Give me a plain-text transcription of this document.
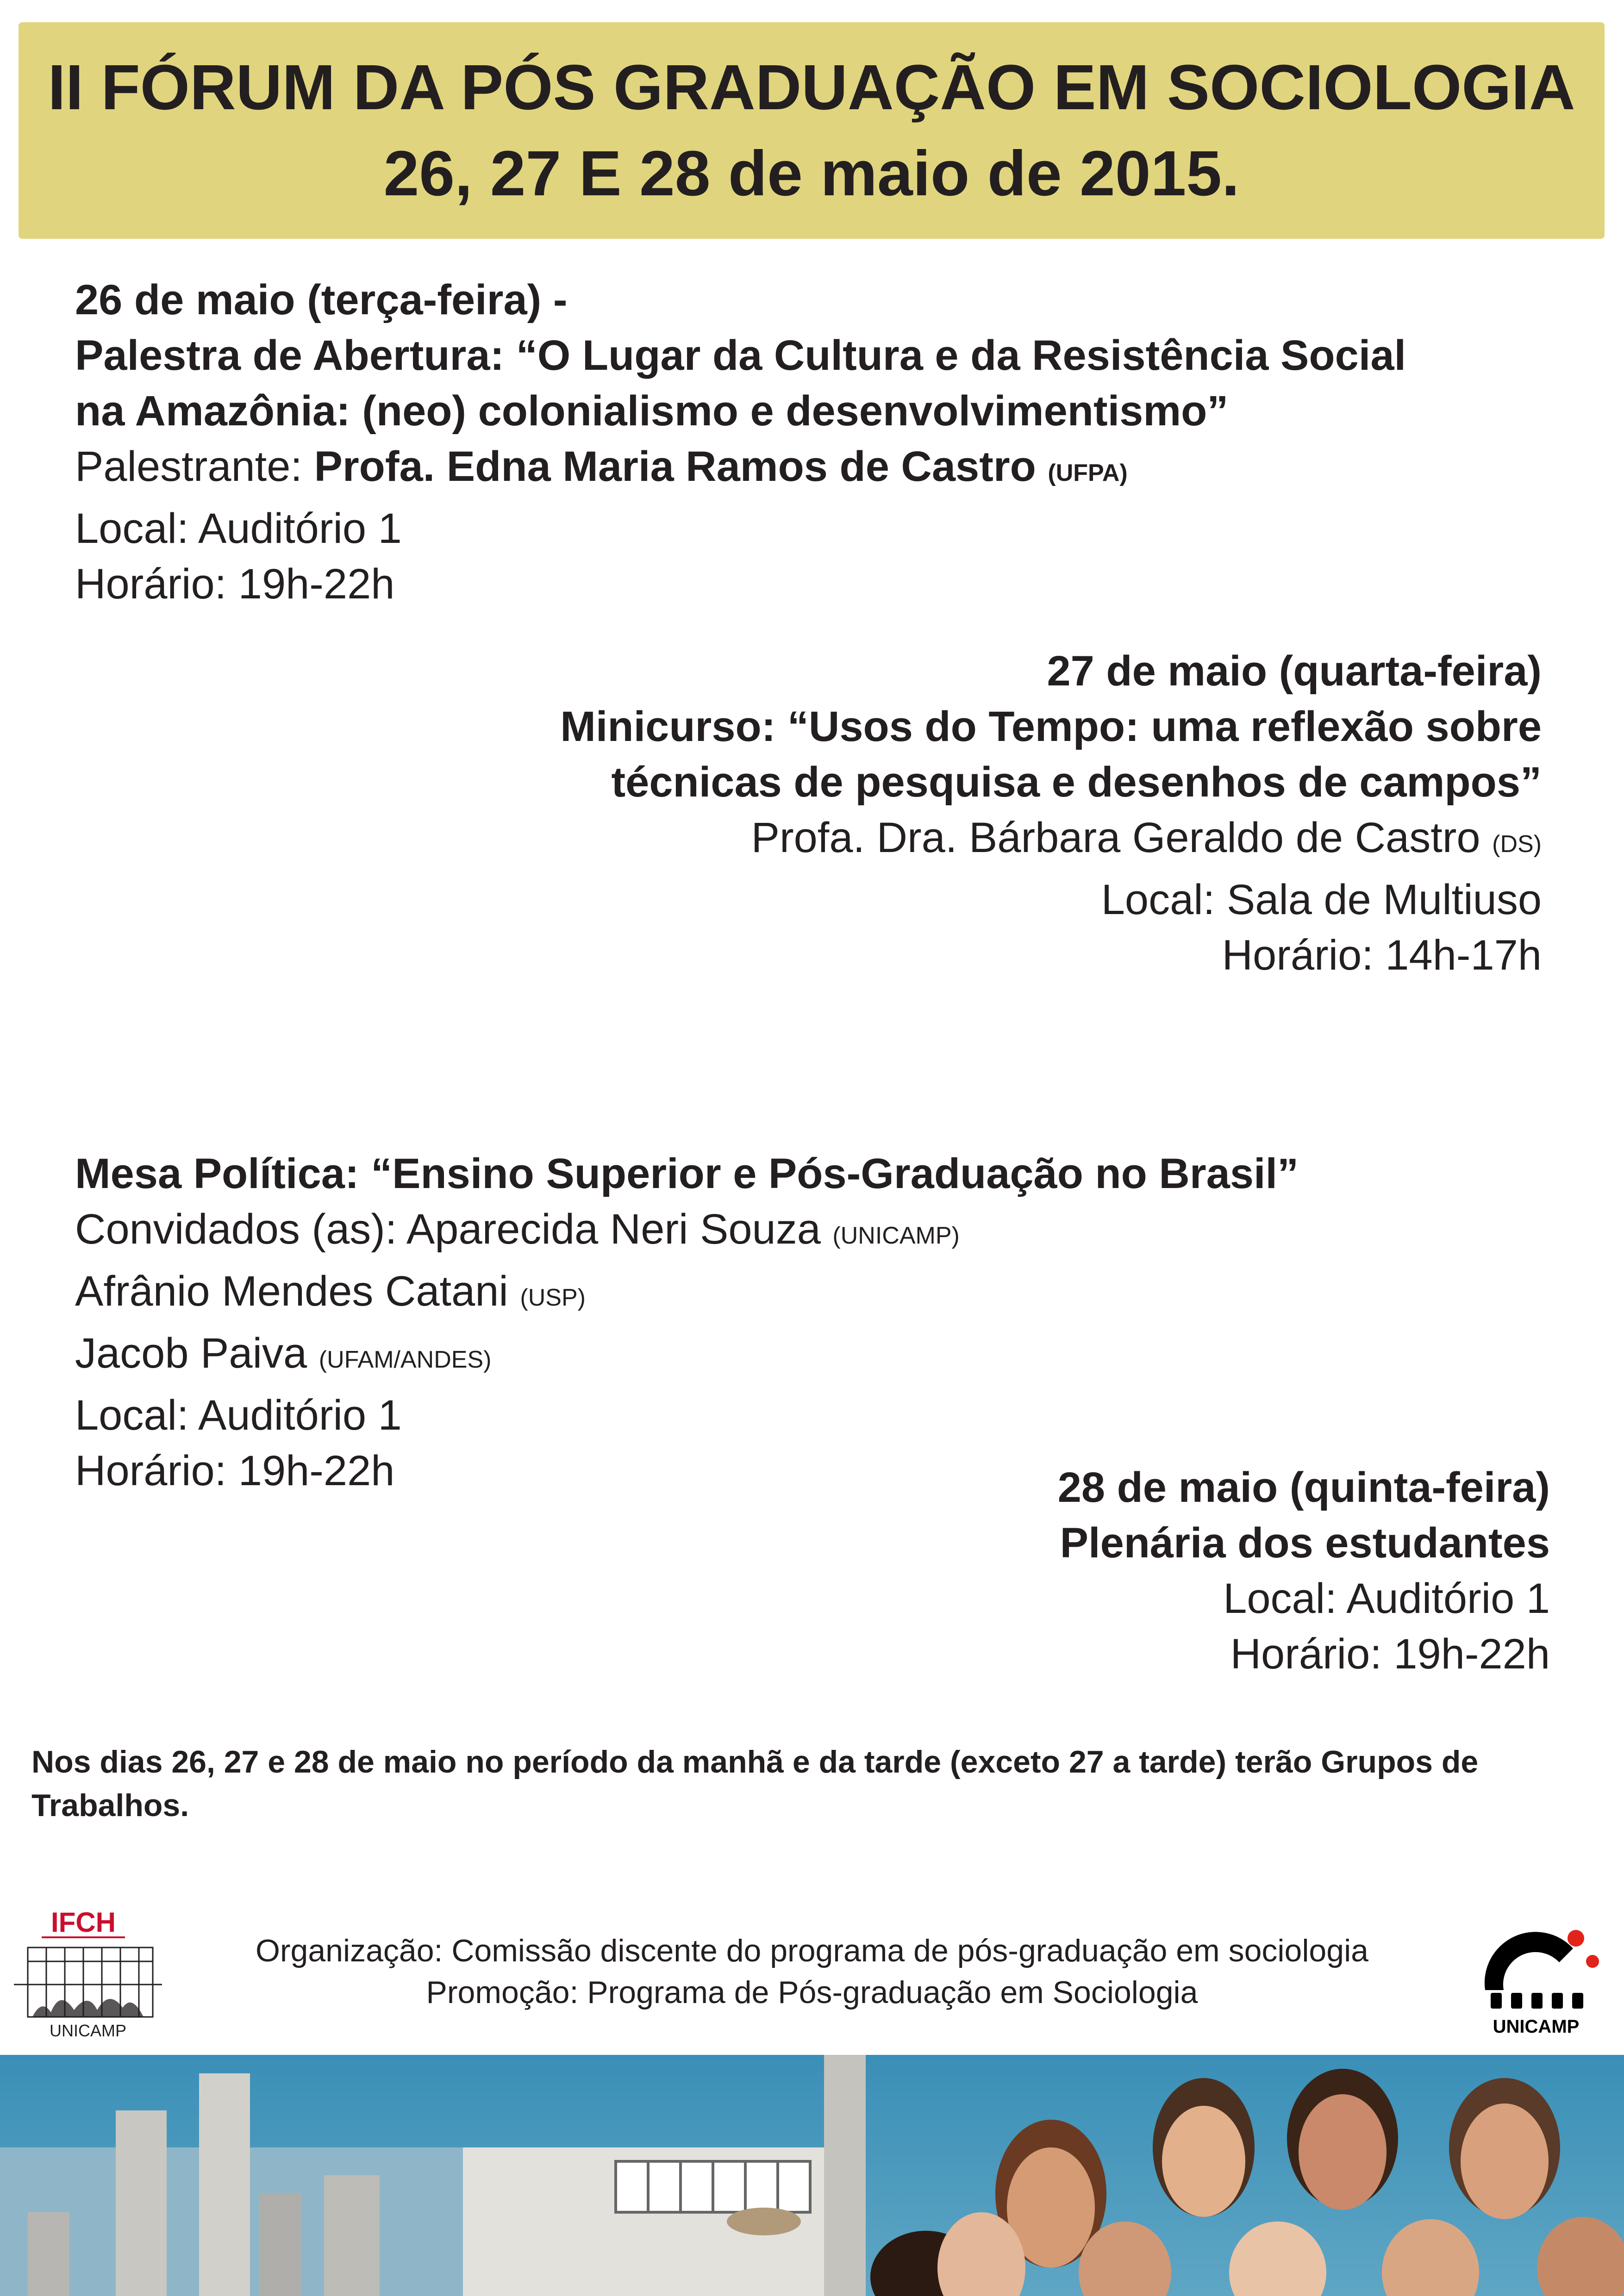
II FÓRUM DA PÓS GRADUAÇÃO EM SOCIOLOGIA
26, 27 E 28 de maio de 2015.
26 de maio (terça-feira) -
Palestra de Abertura: “O Lugar da Cultura e da Resistência Social
na Amazônia: (neo) colonialismo e desenvolvimentismo”
Palestrante: Profa. Edna Maria Ramos de Castro (UFPA)
Local: Auditório 1
Horário: 19h-22h
27 de maio (quarta-feira)
Minicurso: “Usos do Tempo: uma reflexão sobre
técnicas de pesquisa e desenhos de campos”
Profa. Dra. Bárbara Geraldo de Castro (DS)
Local: Sala de Multiuso
Horário: 14h-17h
Mesa Política: “Ensino Superior e Pós-Graduação no Brasil”
Convidados (as): Aparecida Neri Souza (UNICAMP)
Afrânio Mendes Catani (USP)
Jacob Paiva (UFAM/ANDES)
Local: Auditório 1
Horário: 19h-22h	28 de maio (quinta-feira)
Plenária dos estudantes
Local: Auditório 1
Horário: 19h-22h
Nos dias 26, 27 e 28 de maio no período da manhã e da tarde (exceto 27 a tarde) terão Grupos de Trabalhos.
IFCH
UNICAMP
Organização: Comissão discente do programa de pós-graduação em sociologia
Promoção: Programa de Pós-graduação em Sociologia
UNICAMP
